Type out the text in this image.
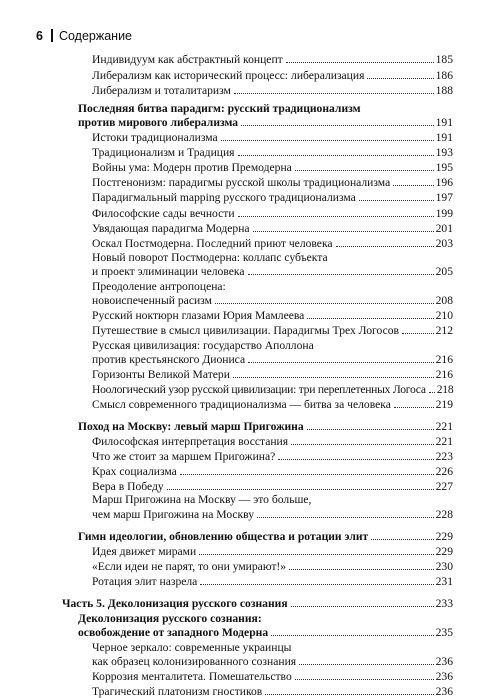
6 Содержание
Индивидуум как абстрактный концепт	185
Либерализм как исторический процесс: либерализация	186
Либерализм и тоталитаризм	188
Последняя битва парадигм: русский традиционализм
против мирового либерализма	191
Истоки традиционализма	191
Традиционализм и Традиция	193
Войны ума: Модерн против Премодерна	195
Постгенонизм: парадигмы русской школы традиционализма	196
Парадигмальный mapping русского традиционализма	197
Философские сады вечности	199
Увядающая парадигма Модерна	201
Оскал Постмодерна. Последний приют человека	203
Новый поворот Постмодерна: коллапс субъекта
и проект элиминации человека	205
Преодоление антропоцена:
новоиспеченный расизм	208
Русский ноктюрн глазами Юрия Мамлеева	210
Путешествие в смысл цивилизации. Парадигмы Трех Логосов	212
Русская цивилизация: государство Аполлона
против крестьянского Диониса	216
Горизонты Великой Матери	216
Ноологический узор русской цивилизации: три переплетенных Логоса 218
Смысл современного традиционализма — битва за человека	219
Поход на Москву: левый марш Пригожина	221
Философская интерпретация восстания	221
Что же стоит за маршем Пригожина?	223
Крах социализма	226
Вера в Победу	227
Марш Пригожина на Москву — это больше,
чем марш Пригожина на Москву	228
Гимн идеологии, обновлению общества и ротации элит	229
Идея движет мирами	229
«Если идеи не парят, то они умирают!»	230
Ротация элит назрела	231
Часть 5. Деколонизация русского сознания	233
Деколонизация русского сознания:
освобождение от западного Модерна	235
Черное зеркало: современные украинцы
как образец колонизированного сознания	236
Коррозия менталитета. Помешательство	236
Трагический платонизм гностиков	236
